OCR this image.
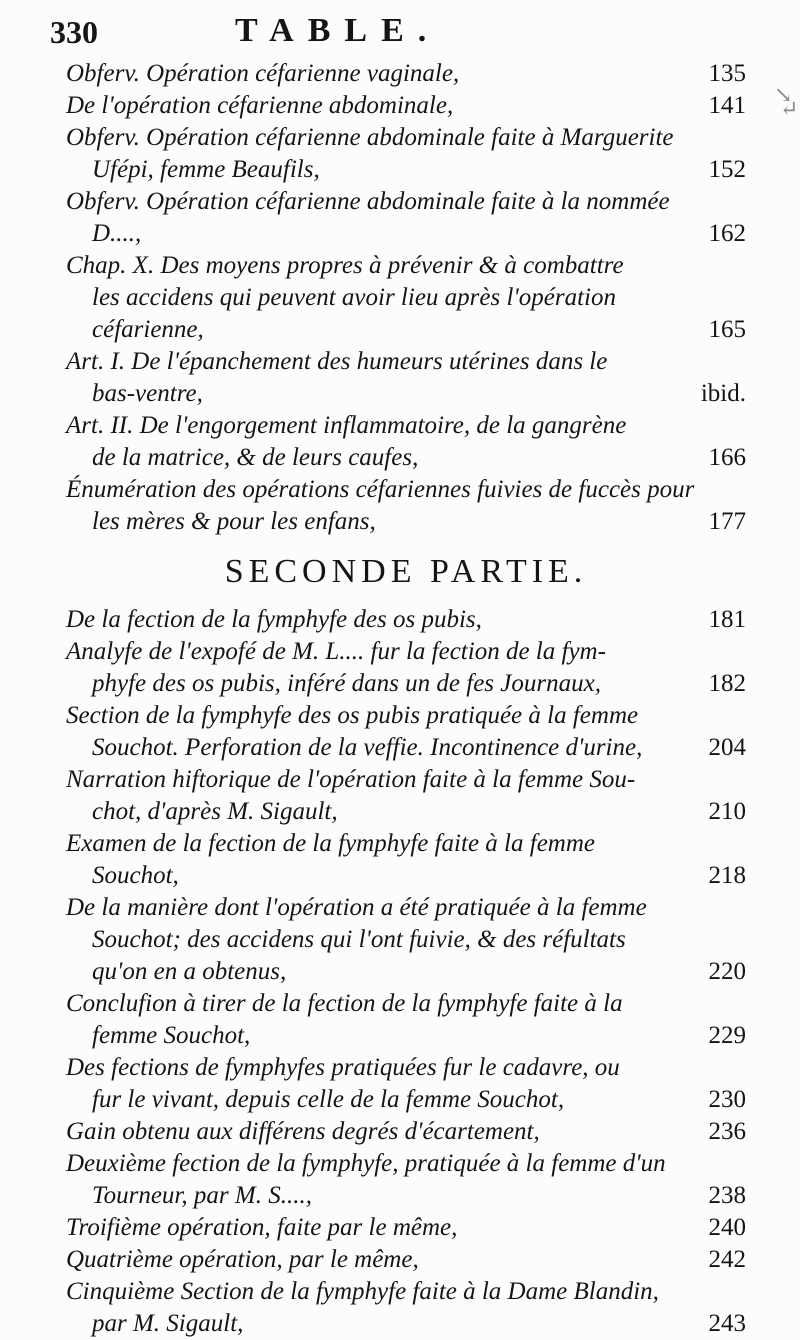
330	TABLE.
↘
↵
Obferv. Opération céfarienne vaginale,	135
De l'opération céfarienne abdominale,	141
Obferv. Opération céfarienne abdominale faite à Marguerite
Ufépi, femme Beaufils,	152
Obferv. Opération céfarienne abdominale faite à la nommée
D....,	162
Chap. X. Des moyens propres à prévenir & à combattre
les accidens qui peuvent avoir lieu après l'opération
céfarienne,	165
Art. I. De l'épanchement des humeurs utérines dans le
bas-ventre,	ibid.
Art. II. De l'engorgement inflammatoire, de la gangrène
de la matrice, & de leurs caufes,	166
Énumération des opérations céfariennes fuivies de fuccès pour
les mères & pour les enfans,	177
SECONDE PARTIE.
De la fection de la fymphyfe des os pubis,	181
Analyfe de l'expofé de M. L.... fur la fection de la fym-
phyfe des os pubis, inféré dans un de fes Journaux,	182
Section de la fymphyfe des os pubis pratiquée à la femme
Souchot. Perforation de la veffie. Incontinence d'urine,	204
Narration hiftorique de l'opération faite à la femme Sou-
chot, d'après M. Sigault,	210
Examen de la fection de la fymphyfe faite à la femme
Souchot,	218
De la manière dont l'opération a été pratiquée à la femme
Souchot; des accidens qui l'ont fuivie, & des réfultats
qu'on en a obtenus,	220
Conclufion à tirer de la fection de la fymphyfe faite à la
femme Souchot,	229
Des fections de fymphyfes pratiquées fur le cadavre, ou
fur le vivant, depuis celle de la femme Souchot,	230
Gain obtenu aux différens degrés d'écartement,	236
Deuxième fection de la fymphyfe, pratiquée à la femme d'un
Tourneur, par M. S....,	238
Troifième opération, faite par le même,	240
Quatrième opération, par le même,	242
Cinquième Section de la fymphyfe faite à la Dame Blandin,
par M. Sigault,	243
